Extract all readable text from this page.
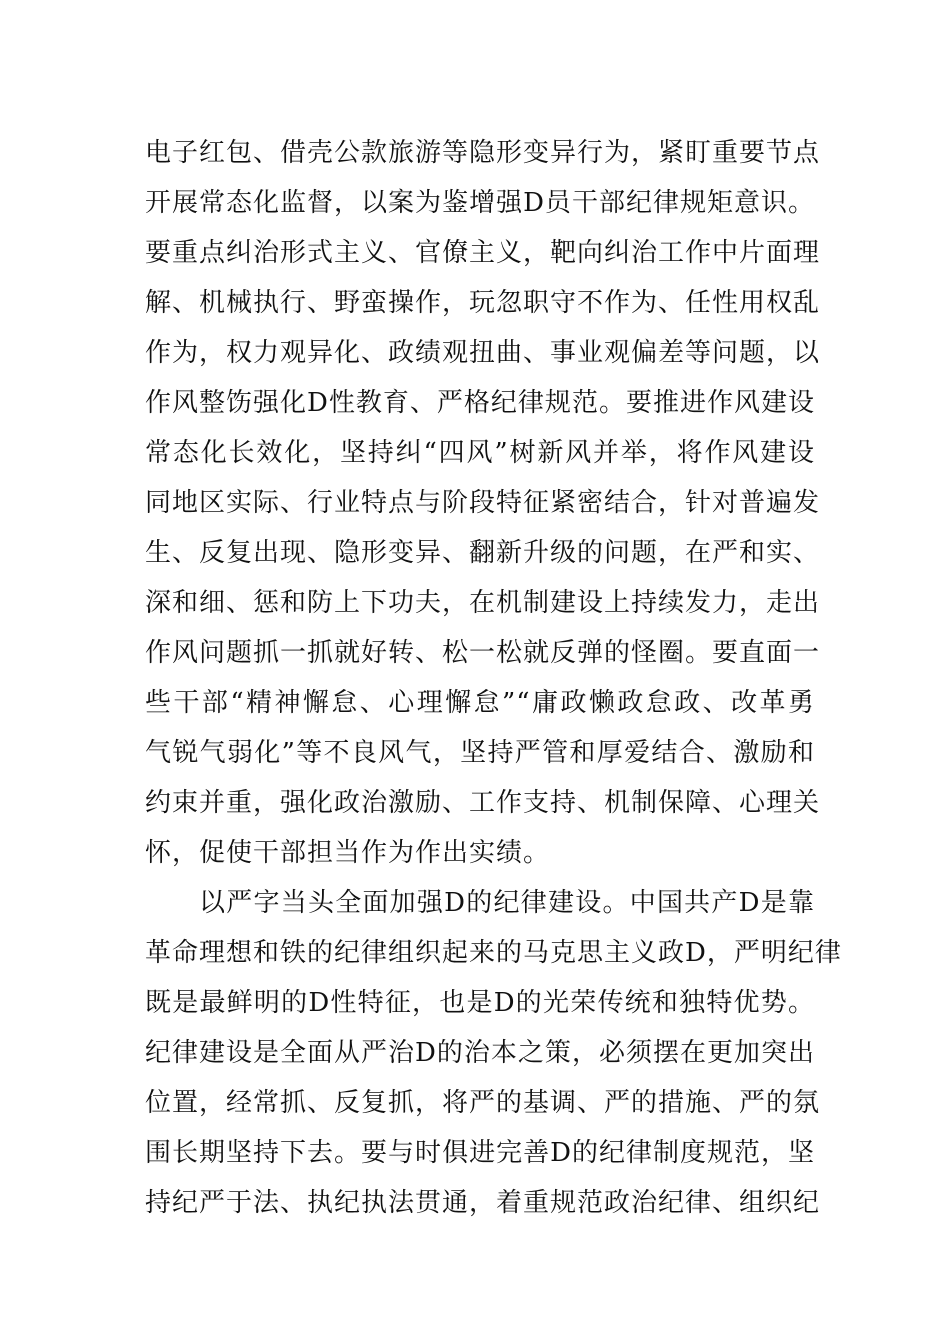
电子红包、借壳公款旅游等隐形变异行为，紧盯重要节点
开展常态化监督，以案为鉴增强D员干部纪律规矩意识。
要重点纠治形式主义、官僚主义，靶向纠治工作中片面理
解、机械执行、野蛮操作，玩忽职守不作为、任性用权乱
作为，权力观异化、政绩观扭曲、事业观偏差等问题，以
作风整饬强化D性教育、严格纪律规范。要推进作风建设
常态化长效化，坚持纠“四风”树新风并举，将作风建设
同地区实际、行业特点与阶段特征紧密结合，针对普遍发
生、反复出现、隐形变异、翻新升级的问题，在严和实、
深和细、惩和防上下功夫，在机制建设上持续发力，走出
作风问题抓一抓就好转、松一松就反弹的怪圈。要直面一
些干部“精神懈怠、心理懈怠”“庸政懒政怠政、改革勇
气锐气弱化”等不良风气，坚持严管和厚爱结合、激励和
约束并重，强化政治激励、工作支持、机制保障、心理关
怀，促使干部担当作为作出实绩。
以严字当头全面加强D的纪律建设。中国共产D是靠
革命理想和铁的纪律组织起来的马克思主义政D，严明纪律
既是最鲜明的D性特征，也是D的光荣传统和独特优势。
纪律建设是全面从严治D的治本之策，必须摆在更加突出
位置，经常抓、反复抓，将严的基调、严的措施、严的氛
围长期坚持下去。要与时俱进完善D的纪律制度规范，坚
持纪严于法、执纪执法贯通，着重规范政治纪律、组织纪
